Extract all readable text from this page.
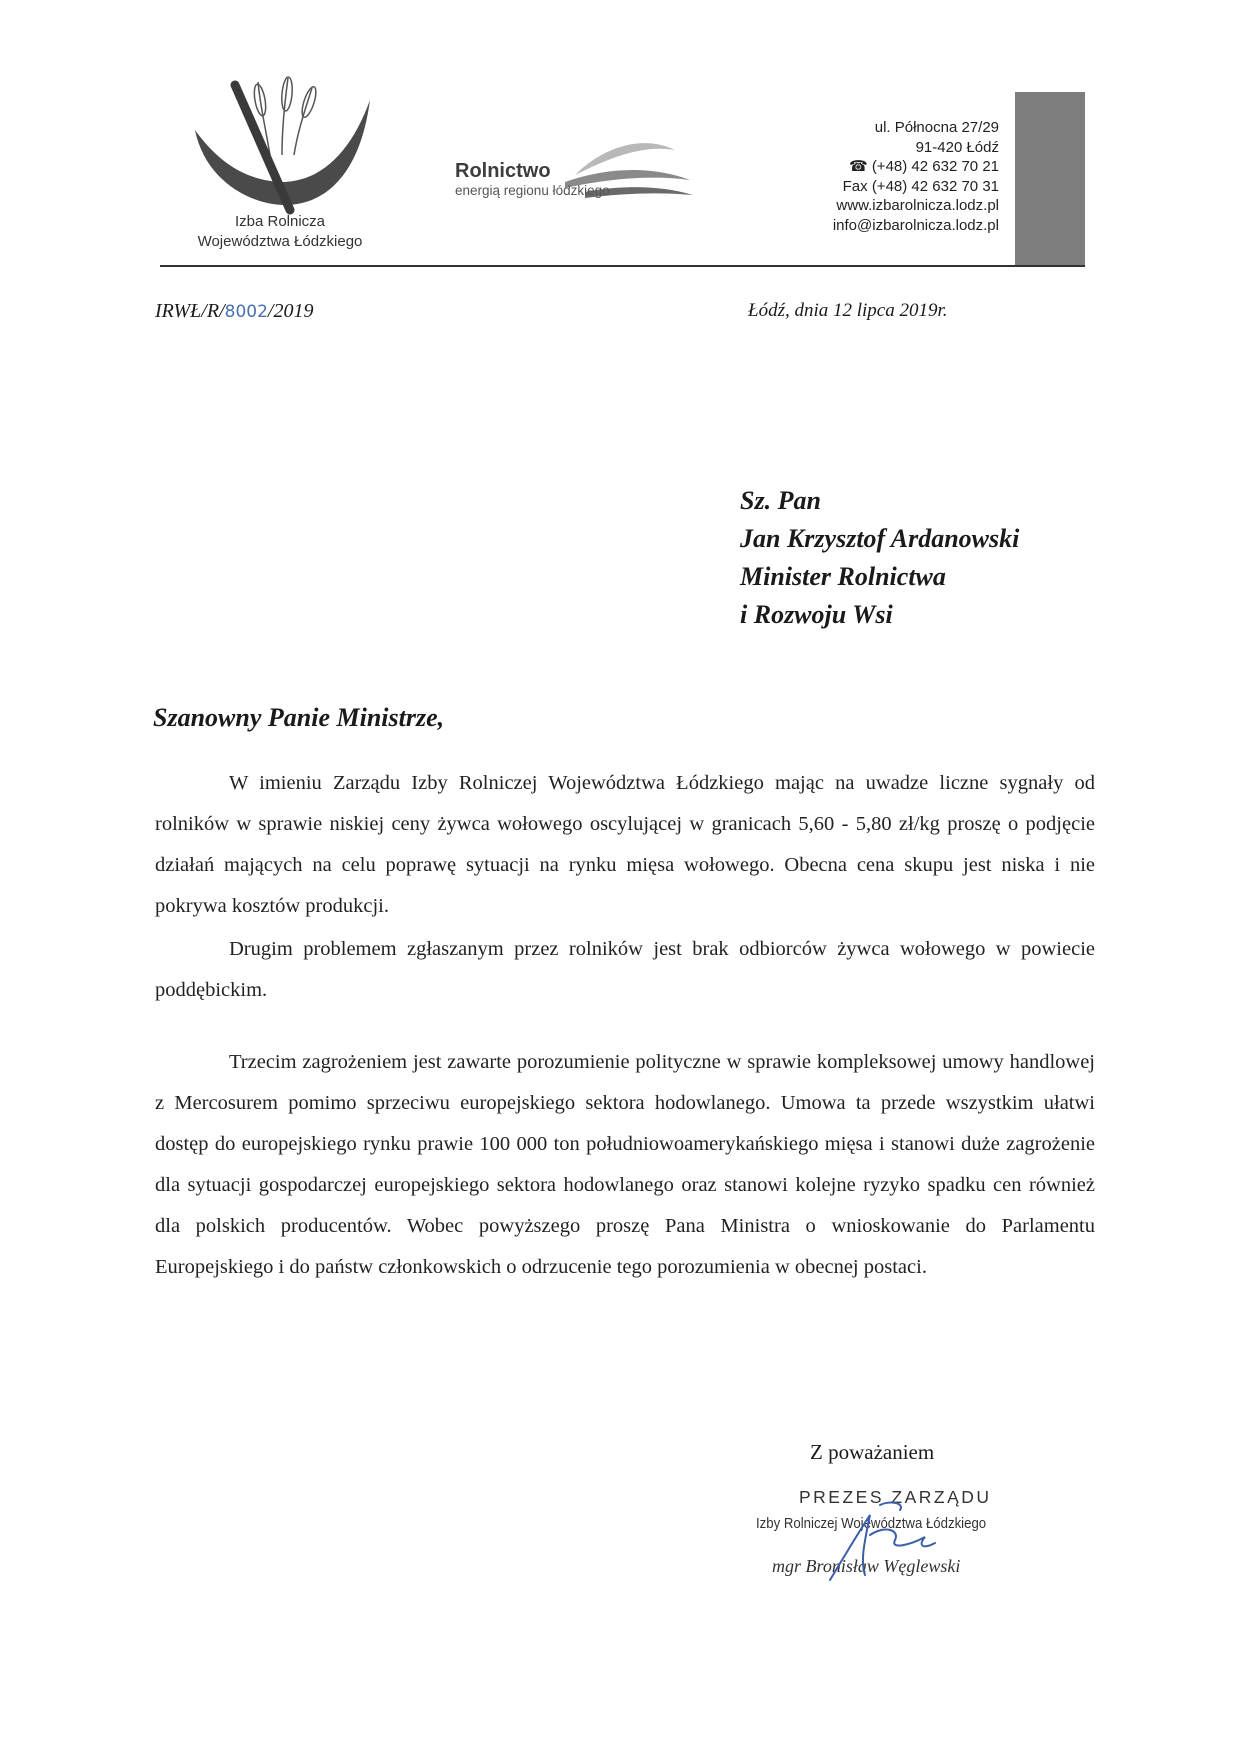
Izba Rolnicza
Województwa Łódzkiego
Rolnictwo
energią regionu łódzkiego
ul. Północna 27/29
91-420 Łódź
☎ (+48) 42 632 70 21
Fax (+48) 42 632 70 31
www.izbarolnicza.lodz.pl
info@izbarolnicza.lodz.pl
IRWŁ/R/8002/2019	Łódź, dnia 12 lipca 2019r.
Sz. Pan
Jan Krzysztof Ardanowski
Minister Rolnictwa
i Rozwoju Wsi
Szanowny Panie Ministrze,

W imieniu Zarządu Izby Rolniczej Województwa Łódzkiego mając na uwadze liczne sygnały od rolników w sprawie niskiej ceny żywca wołowego oscylującej w granicach 5,60 - 5,80 zł/kg proszę o podjęcie działań mających na celu poprawę sytuacji na rynku mięsa wołowego. Obecna cena skupu jest niska i nie pokrywa kosztów produkcji.

Drugim problemem zgłaszanym przez rolników jest brak odbiorców żywca wołowego w powiecie poddębickim.

Trzecim zagrożeniem jest zawarte porozumienie polityczne w sprawie kompleksowej umowy handlowej z Mercosurem pomimo sprzeciwu europejskiego sektora hodowlanego. Umowa ta przede wszystkim ułatwi dostęp do europejskiego rynku prawie 100 000 ton południowoamerykańskiego mięsa i stanowi duże zagrożenie dla sytuacji gospodarczej europejskiego sektora hodowlanego oraz stanowi kolejne ryzyko spadku cen również dla polskich producentów. Wobec powyższego proszę Pana Ministra o wnioskowanie do Parlamentu Europejskiego i do państw członkowskich o odrzucenie tego porozumienia w obecnej postaci.

Z poważaniem
PREZES ZARZĄDU
Izby Rolniczej Województwa Łódzkiego
mgr Bronisław Węglewski
